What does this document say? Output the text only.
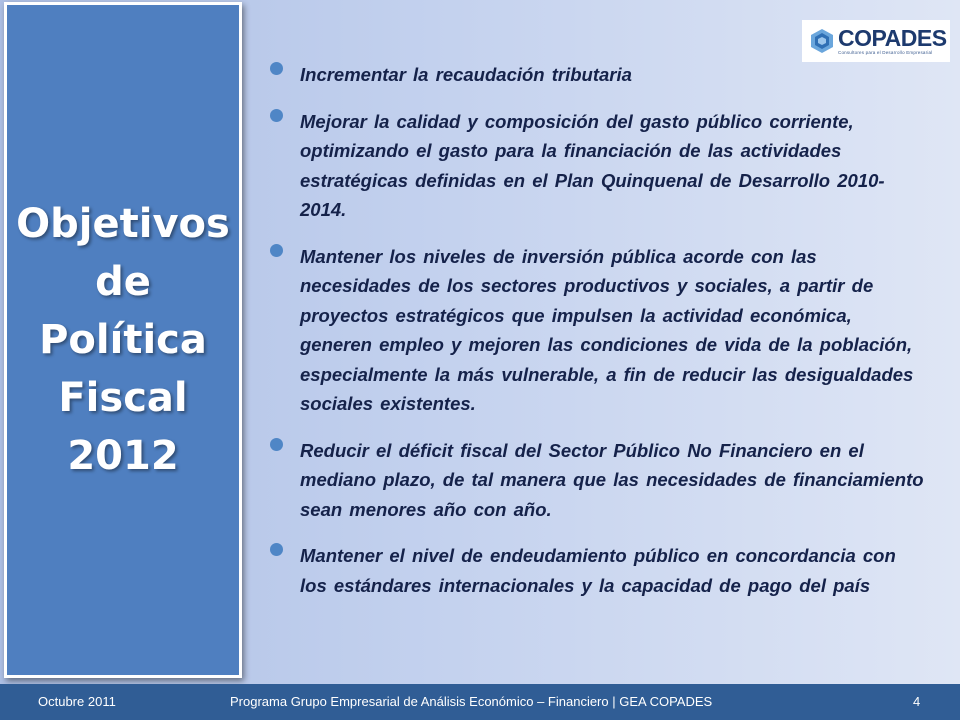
Objetivos
de
Política
Fiscal
2012
COPADES
Consultores para el Desarrollo Empresarial
Incrementar la recaudación tributaria
Mejorar la calidad y composición del gasto público corriente, optimizando el gasto para la financiación de las actividades estratégicas definidas en el Plan Quinquenal de Desarrollo 2010-2014.
Mantener los niveles de inversión pública acorde con las necesidades de los sectores productivos y sociales, a partir de proyectos estratégicos que impulsen la actividad económica, generen empleo y mejoren las condiciones de vida de la población, especialmente la más vulnerable, a fin de reducir las desigualdades sociales existentes.
Reducir el déficit fiscal del Sector Público No Financiero en el mediano plazo, de tal manera que las necesidades de financiamiento sean menores año con año.
Mantener el nivel de endeudamiento público en concordancia con los estándares internacionales y la capacidad de pago del país
Octubre 2011	Programa Grupo Empresarial de Análisis Económico – Financiero | GEA COPADES	4
